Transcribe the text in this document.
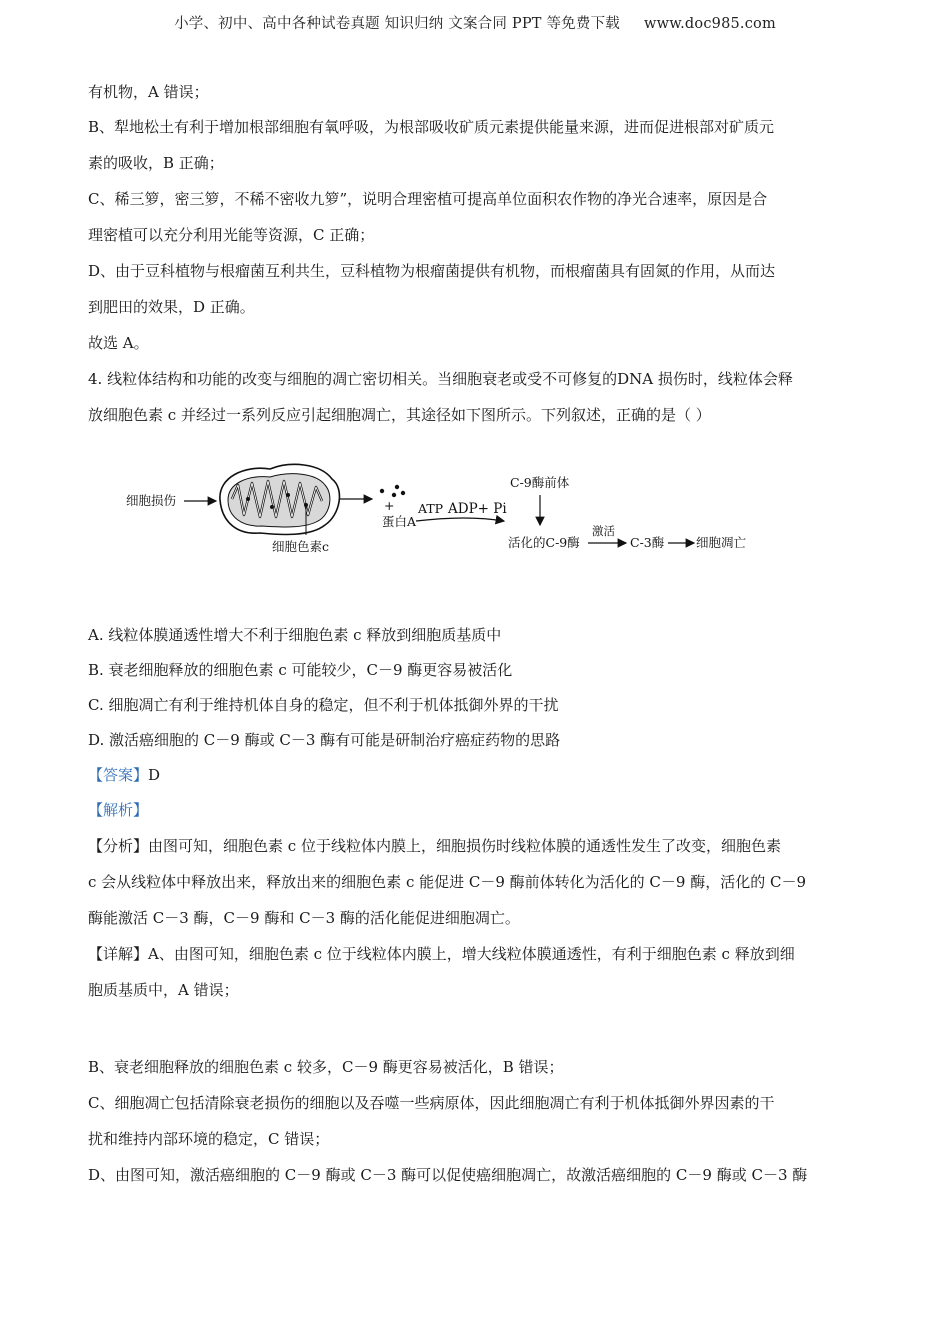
小学、初中、高中各种试卷真题 知识归纳 文案合同 PPT 等免费下载 www.doc985.com
有机物，A 错误；
B、犁地松土有利于增加根部细胞有氧呼吸，为根部吸收矿质元素提供能量来源，进而促进根部对矿质元
素的吸收，B 正确；
C、稀三箩，密三箩，不稀不密收九箩”，说明合理密植可提高单位面积农作物的净光合速率，原因是合
理密植可以充分利用光能等资源，C 正确；
D、由于豆科植物与根瘤菌互利共生，豆科植物为根瘤菌提供有机物，而根瘤菌具有固氮的作用，从而达
到肥田的效果，D 正确。
故选 A。
4. 线粒体结构和功能的改变与细胞的凋亡密切相关。当细胞衰老或受不可修复的DNA 损伤时，线粒体会释
放细胞色素 c 并经过一系列反应引起细胞凋亡，其途径如下图所示。下列叙述，正确的是（ ）
细胞损伤
细胞色素c
+
蛋白A
ATP ADP+ Pi
C-9酶前体
活化的C-9酶
激活
C-3酶	细胞凋亡
A. 线粒体膜通透性增大不利于细胞色素 c 释放到细胞质基质中
B. 衰老细胞释放的细胞色素 c 可能较少，C－9 酶更容易被活化
C. 细胞凋亡有利于维持机体自身的稳定，但不利于机体抵御外界的干扰
D. 激活癌细胞的 C－9 酶或 C－3 酶有可能是研制治疗癌症药物的思路
【答案】D
【解析】
【分析】由图可知，细胞色素 c 位于线粒体内膜上，细胞损伤时线粒体膜的通透性发生了改变，细胞色素
c 会从线粒体中释放出来，释放出来的细胞色素 c 能促进 C－9 酶前体转化为活化的 C－9 酶，活化的 C－9
酶能激活 C－3 酶，C－9 酶和 C－3 酶的活化能促进细胞凋亡。
【详解】A、由图可知，细胞色素 c 位于线粒体内膜上，增大线粒体膜通透性，有利于细胞色素 c 释放到细
胞质基质中，A 错误；
B、衰老细胞释放的细胞色素 c 较多，C－9 酶更容易被活化，B 错误；
C、细胞凋亡包括清除衰老损伤的细胞以及吞噬一些病原体，因此细胞凋亡有利于机体抵御外界因素的干
扰和维持内部环境的稳定，C 错误；
D、由图可知，激活癌细胞的 C－9 酶或 C－3 酶可以促使癌细胞凋亡，故激活癌细胞的 C－9 酶或 C－3 酶
